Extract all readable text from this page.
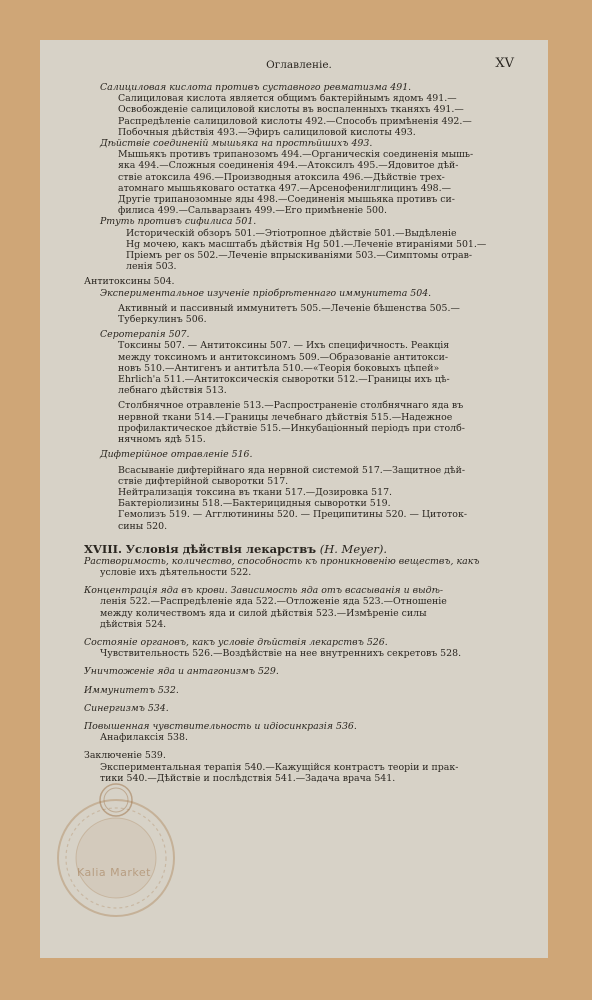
Оглавленіе.	XV
Салициловая кислота противъ суставного ревматизма 491.
Салициловая кислота является общимъ бактерійнымъ ядомъ 491.—
Освобожденіе салициловой кислоты въ воспаленныхъ тканяхъ 491.—
Распредѣленіе салициловой кислоты 492.—Способъ примѣненія 492.—
Побочныя дѣйствія 493.—Эфиръ салициловой кислоты 493.
Дѣйствіе соединеній мышьяка на простѣйшихъ 493.
Мышьякъ противъ трипанозомъ 494.—Органическія соединенія мышь-
яка 494.—Сложныя соединенія 494.—Атоксилъ 495.—Ядовитое дѣй-
ствіе атоксила 496.—Производныя атоксила 496.—Дѣйствіе трех-
атомнаго мышьяковаго остатка 497.—Арсенофенилглицинъ 498.—
Другіе трипанозомные яды 498.—Соединенія мышьяка противъ си-
филиса 499.—Сальварзанъ 499.—Его примѣненіе 500.
Ртуть противъ сифилиса 501.
Историческій обзоръ 501.—Этіотропное дѣйствіе 501.—Выдѣленіе
Hg мочею, какъ масштабъ дѣйствія Hg 501.—Леченіе втираніями 501.—
Пріемъ per os 502.—Леченіе впрыскиваніями 503.—Симптомы отрав-
ленія 503.
Антитоксины 504.
Экспериментальное изученіе пріобрѣтеннаго иммунитета 504.
Активный и пассивный иммунитетъ 505.—Леченіе бѣшенства 505.—
Туберкулинъ 506.
Серотерапія 507.
Токсины 507. — Антитоксины 507. — Ихъ специфичность. Реакція
между токсиномъ и антитоксиномъ 509.—Образованіе антитокси-
новъ 510.—Антигенъ и антитѣла 510.—«Теорія боковыхъ цѣпей»
Ehrlich'а 511.—Антитоксическія сыворотки 512.—Границы ихъ цѣ-
лебнаго дѣйствія 513.
Столбнячное отравленіе 513.—Распространеніе столбнячнаго яда въ
нервной ткани 514.—Границы лечебнаго дѣйствія 515.—Надежное
профилактическое дѣйствіе 515.—Инкубаціонный періодъ при столб-
нячномъ ядѣ 515.
Дифтерійное отравленіе 516.
Всасываніе дифтерійнаго яда нервной системой 517.—Защитное дѣй-
ствіе дифтерійной сыворотки 517.
Нейтрализація токсина въ ткани 517.—Дозировка 517.
Бактеріолизины 518.—Бактерицидныя сыворотки 519.
Гемолизъ 519. — Агглютинины 520. — Преципитины 520. — Цитоток-
сины 520.
XVIII. Условія дѣйствія лекарствъ (H. Meyer).
Растворимость, количество, способность къ проникновенію веществъ, какъ
условіе ихъ дѣятельности 522.
Концентрація яда въ крови. Зависимость яда отъ всасыванія и выдѣ-
ленія 522.—Распредѣленіе яда 522.—Отложеніе яда 523.—Отношеніе
между количествомъ яда и силой дѣйствія 523.—Измѣреніе силы
дѣйствія 524.
Состояніе органовъ, какъ условіе дѣйствія лекарствъ 526.
Чувствительность 526.—Воздѣйствіе на нее внутреннихъ секретовъ 528.
Уничтоженіе яда и антагонизмъ 529.
Иммунитетъ 532.
Синергизмъ 534.
Повышенная чувствительность и идіосинкразія 536.
Анафилаксія 538.
Заключеніе 539.
Экспериментальная терапія 540.—Кажущійся контрастъ теоріи и прак-
тики 540.—Дѣйствіе и послѣдствія 541.—Задача врача 541.
Kalia Market
